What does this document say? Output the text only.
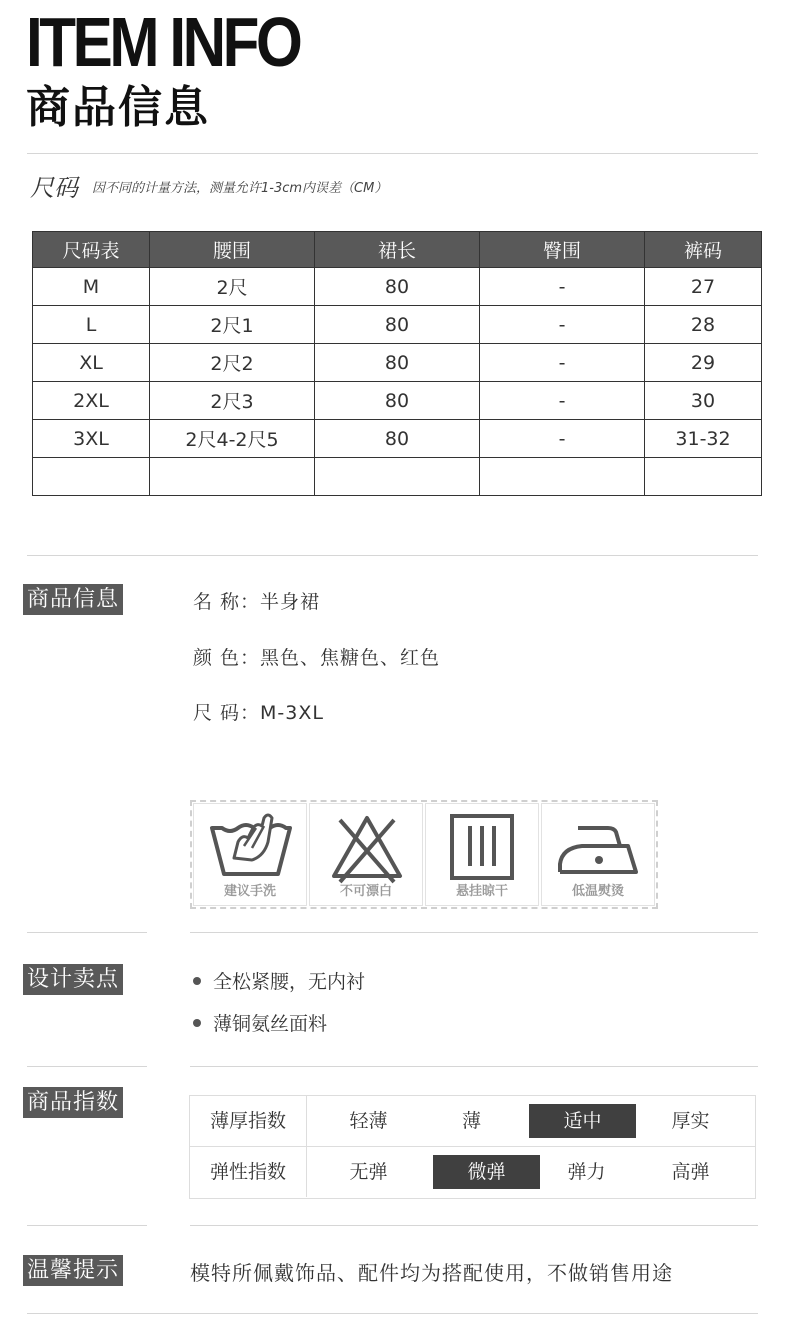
ITEM INFO
商品信息
尺码 因不同的计量方法，测量允许1-3cm内误差（CM）
尺码表	腰围	裙长	臀围	裤码
M	2尺	80	-	27
L	2尺1	80	-	28
XL	2尺2	80	-	29
2XL	2尺3	80	-	30
3XL	2尺4-2尺5	80	-	31-32

商品信息	名 称：半身裙
颜 色：黑色、焦糖色、红色
尺 码：M-3XL
建议手洗	不可漂白	悬挂晾干	低温熨烫
设计卖点	全松紧腰，无内衬
薄铜氨丝面料
商品指数
薄厚指数	轻薄	薄	适中	厚实
弹性指数	无弹	微弹	弹力	高弹
温馨提示	模特所佩戴饰品、配件均为搭配使用，不做销售用途
